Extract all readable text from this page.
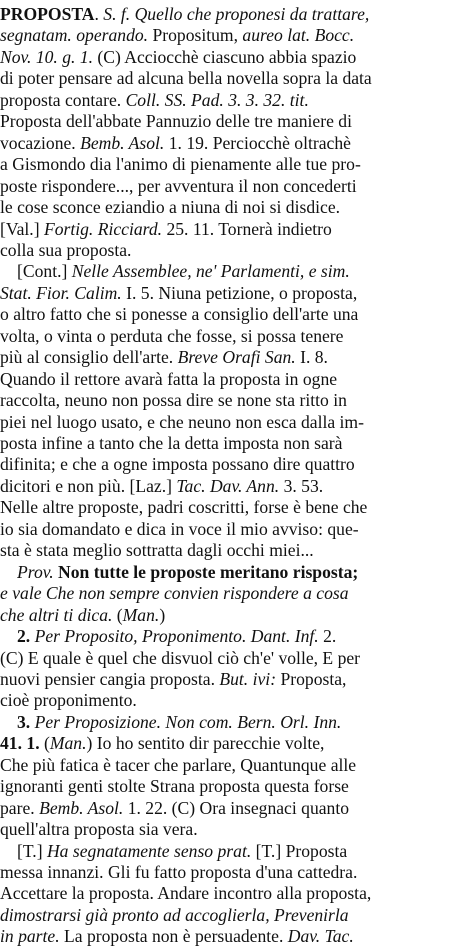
PROPOSTA. S. f. Quello che proponesi da trattare,
segnatam. operando. Propositum, aureo lat. Bocc.
Nov. 10. g. 1. (C) Acciocchè ciascuno abbia spazio
di poter pensare ad alcuna bella novella sopra la data
proposta contare. Coll. SS. Pad. 3. 3. 32. tit.
Proposta dell'abbate Pannuzio delle tre maniere di
vocazione. Bemb. Asol. 1. 19. Perciocchè oltrachè
a Gismondo dia l'animo di pienamente alle tue pro-
poste rispondere..., per avventura il non concederti
le cose sconce eziandio a niuna di noi si disdice.
[Val.] Fortig. Ricciard. 25. 11. Tornerà indietro
colla sua proposta.
[Cont.] Nelle Assemblee, ne' Parlamenti, e sim.
Stat. Fior. Calim. I. 5. Niuna petizione, o proposta,
o altro fatto che si ponesse a consiglio dell'arte una
volta, o vinta o perduta che fosse, si possa tenere
più al consiglio dell'arte. Breve Orafi San. I. 8.
Quando il rettore avarà fatta la proposta in ogne
raccolta, neuno non possa dire se none sta ritto in
piei nel luogo usato, e che neuno non esca dalla im-
posta infine a tanto che la detta imposta non sarà
difinita; e che a ogne imposta possano dire quattro
dicitori e non più. [Laz.] Tac. Dav. Ann. 3. 53.
Nelle altre proposte, padri coscritti, forse è bene che
io sia domandato e dica in voce il mio avviso: que-
sta è stata meglio sottratta dagli occhi miei...
Prov. Non tutte le proposte meritano risposta;
e vale Che non sempre convien rispondere a cosa
che altri ti dica. (Man.)
2. Per Proposito, Proponimento. Dant. Inf. 2.
(C) E quale è quel che disvuol ciò ch'e' volle, E per
nuovi pensier cangia proposta. But. ivi: Proposta,
cioè proponimento.
3. Per Proposizione. Non com. Bern. Orl. Inn.
41. 1. (Man.) Io ho sentito dir parecchie volte,
Che più fatica è tacer che parlare, Quantunque alle
ignoranti genti stolte Strana proposta questa forse
pare. Bemb. Asol. 1. 22. (C) Ora insegnaci quanto
quell'altra proposta sia vera.
[T.] Ha segnatamente senso prat. [T.] Proposta
messa innanzi. Gli fu fatto proposta d'una cattedra.
Accettare la proposta. Andare incontro alla proposta,
dimostrarsi già pronto ad accoglierla, Prevenirla
in parte. La proposta non è persuadente. Dav. Tac.
